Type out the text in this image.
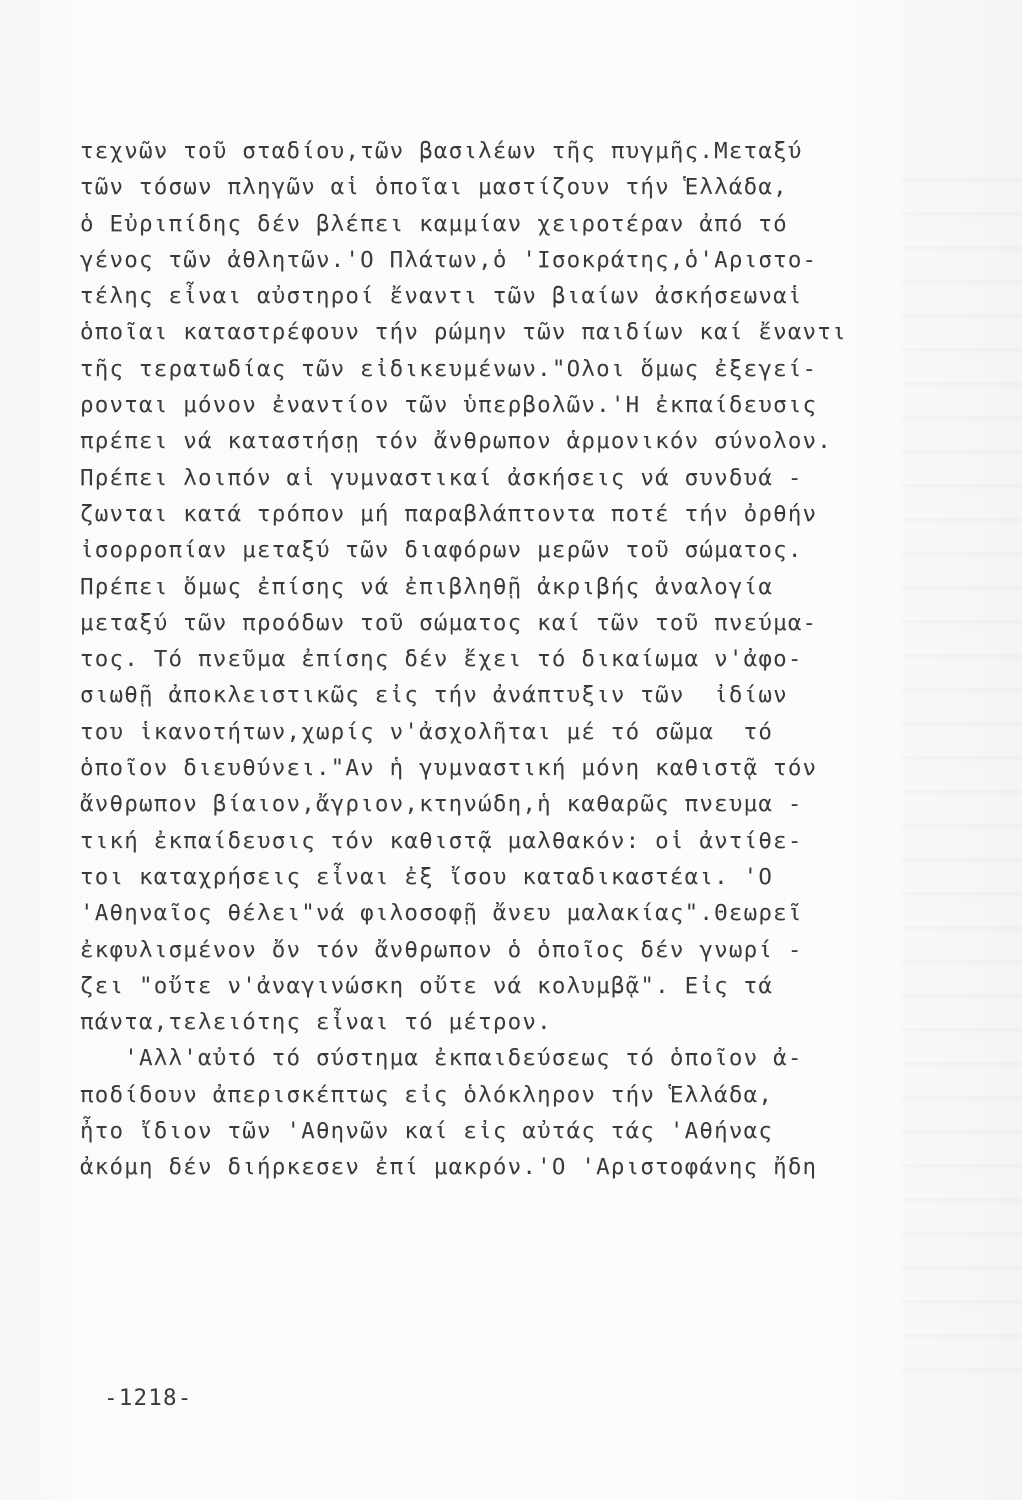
τεχνῶν τοῦ σταδίου,τῶν βασιλέων τῆς πυγμῆς.Μεταξύ
τῶν τόσων πληγῶν αἱ ὁποῖαι μαστίζουν τήν Ἑλλάδα,
ὁ Εὐριπίδης δέν βλέπει καμμίαν χειροτέραν ἀπό τό
γένος τῶν ἀθλητῶν.'Ο Πλάτων,ὁ 'Ισοκράτης,ὁ'Αριστο-
τέλης εἶναι αὐστηροί ἔναντι τῶν βιαίων ἀσκήσεωναἱ
ὁποῖαι καταστρέφουν τήν ρώμην τῶν παιδίων καί ἔναντι
τῆς τερατωδίας τῶν εἰδικευμένων."Ολοι ὅμως ἐξεγεί-
ρονται μόνον ἐναντίον τῶν ὑπερβολῶν.'Η ἐκπαίδευσις
πρέπει νά καταστήσῃ τόν ἄνθρωπον ἁρμονικόν σύνολον.
Πρέπει λοιπόν αἱ γυμναστικαί ἀσκήσεις νά συνδυά -
ζωνται κατά τρόπον μή παραβλάπτοντα ποτέ τήν ὀρθήν
ἰσορροπίαν μεταξύ τῶν διαφόρων μερῶν τοῦ σώματος.
Πρέπει ὅμως ἐπίσης νά ἐπιβληθῇ ἀκριβής ἀναλογία
μεταξύ τῶν προόδων τοῦ σώματος καί τῶν τοῦ πνεύμα-
τος. Τό πνεῦμα ἐπίσης δέν ἔχει τό δικαίωμα ν'ἀφο-
σιωθῇ ἀποκλειστικῶς εἰς τήν ἀνάπτυξιν τῶν  ἰδίων
του ἱκανοτήτων,χωρίς ν'ἀσχολῆται μέ τό σῶμα  τό
ὁποῖον διευθύνει."Αν ἡ γυμναστική μόνη καθιστᾷ τόν
ἄνθρωπον βίαιον,ἄγριον,κτηνώδη,ἡ καθαρῶς πνευμα -
τική ἐκπαίδευσις τόν καθιστᾷ μαλθακόν: οἱ ἀντίθε-
τοι καταχρήσεις εἶναι ἐξ ἴσου καταδικαστέαι. 'Ο
'Αθηναῖος θέλει"νά φιλοσοφῇ ἄνευ μαλακίας".Θεωρεῖ
ἐκφυλισμένον ὄν τόν ἄνθρωπον ὁ ὁποῖος δέν γνωρί -
ζει "οὔτε ν'ἀναγινώσκη οὔτε νά κολυμβᾷ". Εἰς τά
πάντα,τελειότης εἶναι τό μέτρον.
'Αλλ'αὐτό τό σύστημα ἐκπαιδεύσεως τό ὁποῖον ἀ-
ποδίδουν ἀπερισκέπτως εἰς ὁλόκληρον τήν Ἑλλάδα,
ἦτο ἴδιον τῶν 'Αθηνῶν καί εἰς αὐτάς τάς 'Αθήνας
ἀκόμη δέν διήρκεσεν ἐπί μακρόν.'Ο 'Αριστοφάνης ἤδη
-1218-
